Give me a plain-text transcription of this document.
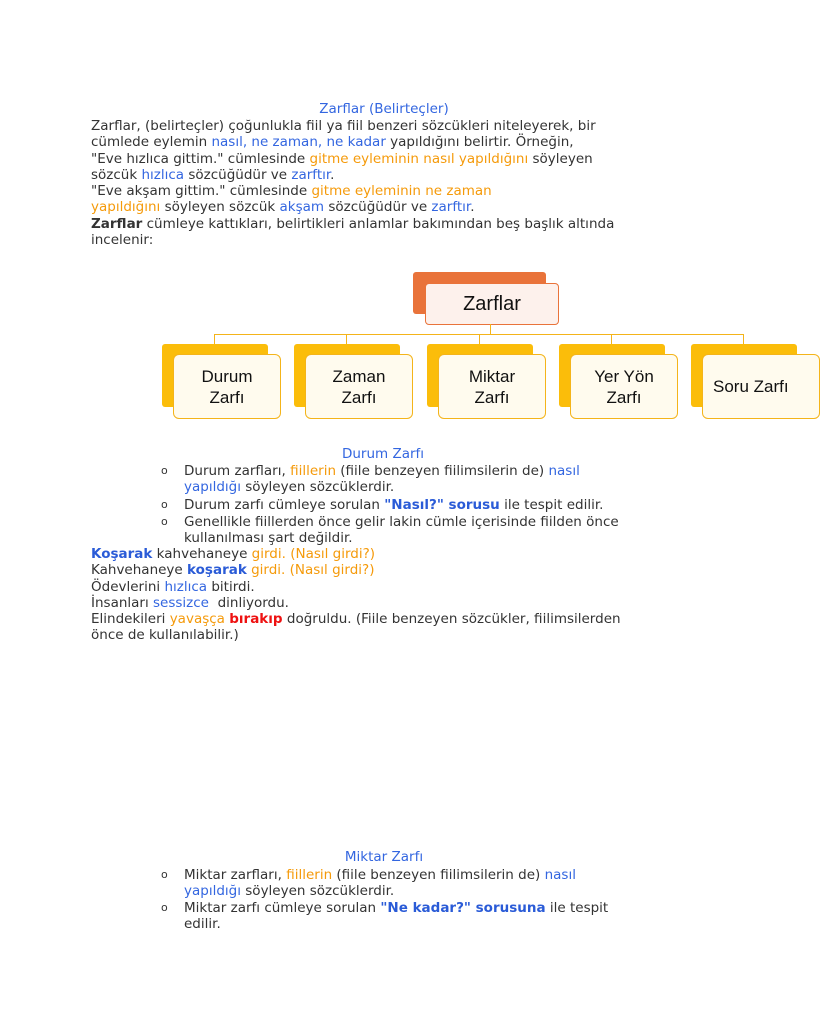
Zarflar (Belirteçler)
Zarflar, (belirteçler) çoğunlukla fiil ya fiil benzeri sözcükleri niteleyerek, bir
cümlede eylemin nasıl, ne zaman, ne kadar yapıldığını belirtir. Örneğin,
"Eve hızlıca gittim." cümlesinde gitme eyleminin nasıl yapıldığını söyleyen
sözcük hızlıca sözcüğüdür ve zarftır.
"Eve akşam gittim." cümlesinde gitme eyleminin ne zaman
yapıldığını söyleyen sözcük akşam sözcüğüdür ve zarftır.
Zarflar cümleye kattıkları, belirtikleri anlamlar bakımından beş başlık altında
incelenir:
Zarflar
Durum
Zarfı
Zaman
Zarfı
Miktar
Zarfı
Yer Yön
Zarfı
Soru Zarfı
Durum Zarfı
o Durum zarfları, fiillerin (fiile benzeyen fiilimsilerin de) nasıl
yapıldığı söyleyen sözcüklerdir.
o Durum zarfı cümleye sorulan "Nasıl?" sorusu ile tespit edilir.
o Genellikle fiillerden önce gelir lakin cümle içerisinde fiilden önce
kullanılması şart değildir.
Koşarak kahvehaneye girdi. (Nasıl girdi?)
Kahvehaneye koşarak girdi. (Nasıl girdi?)
Ödevlerini hızlıca bitirdi.
İnsanları sessizce  dinliyordu.
Elindekileri yavaşça bırakıp doğruldu. (Fiile benzeyen sözcükler, fiilimsilerden
önce de kullanılabilir.)
Miktar Zarfı
o Miktar zarfları, fiillerin (fiile benzeyen fiilimsilerin de) nasıl
yapıldığı söyleyen sözcüklerdir.
o Miktar zarfı cümleye sorulan "Ne kadar?" sorusuna ile tespit
edilir.
